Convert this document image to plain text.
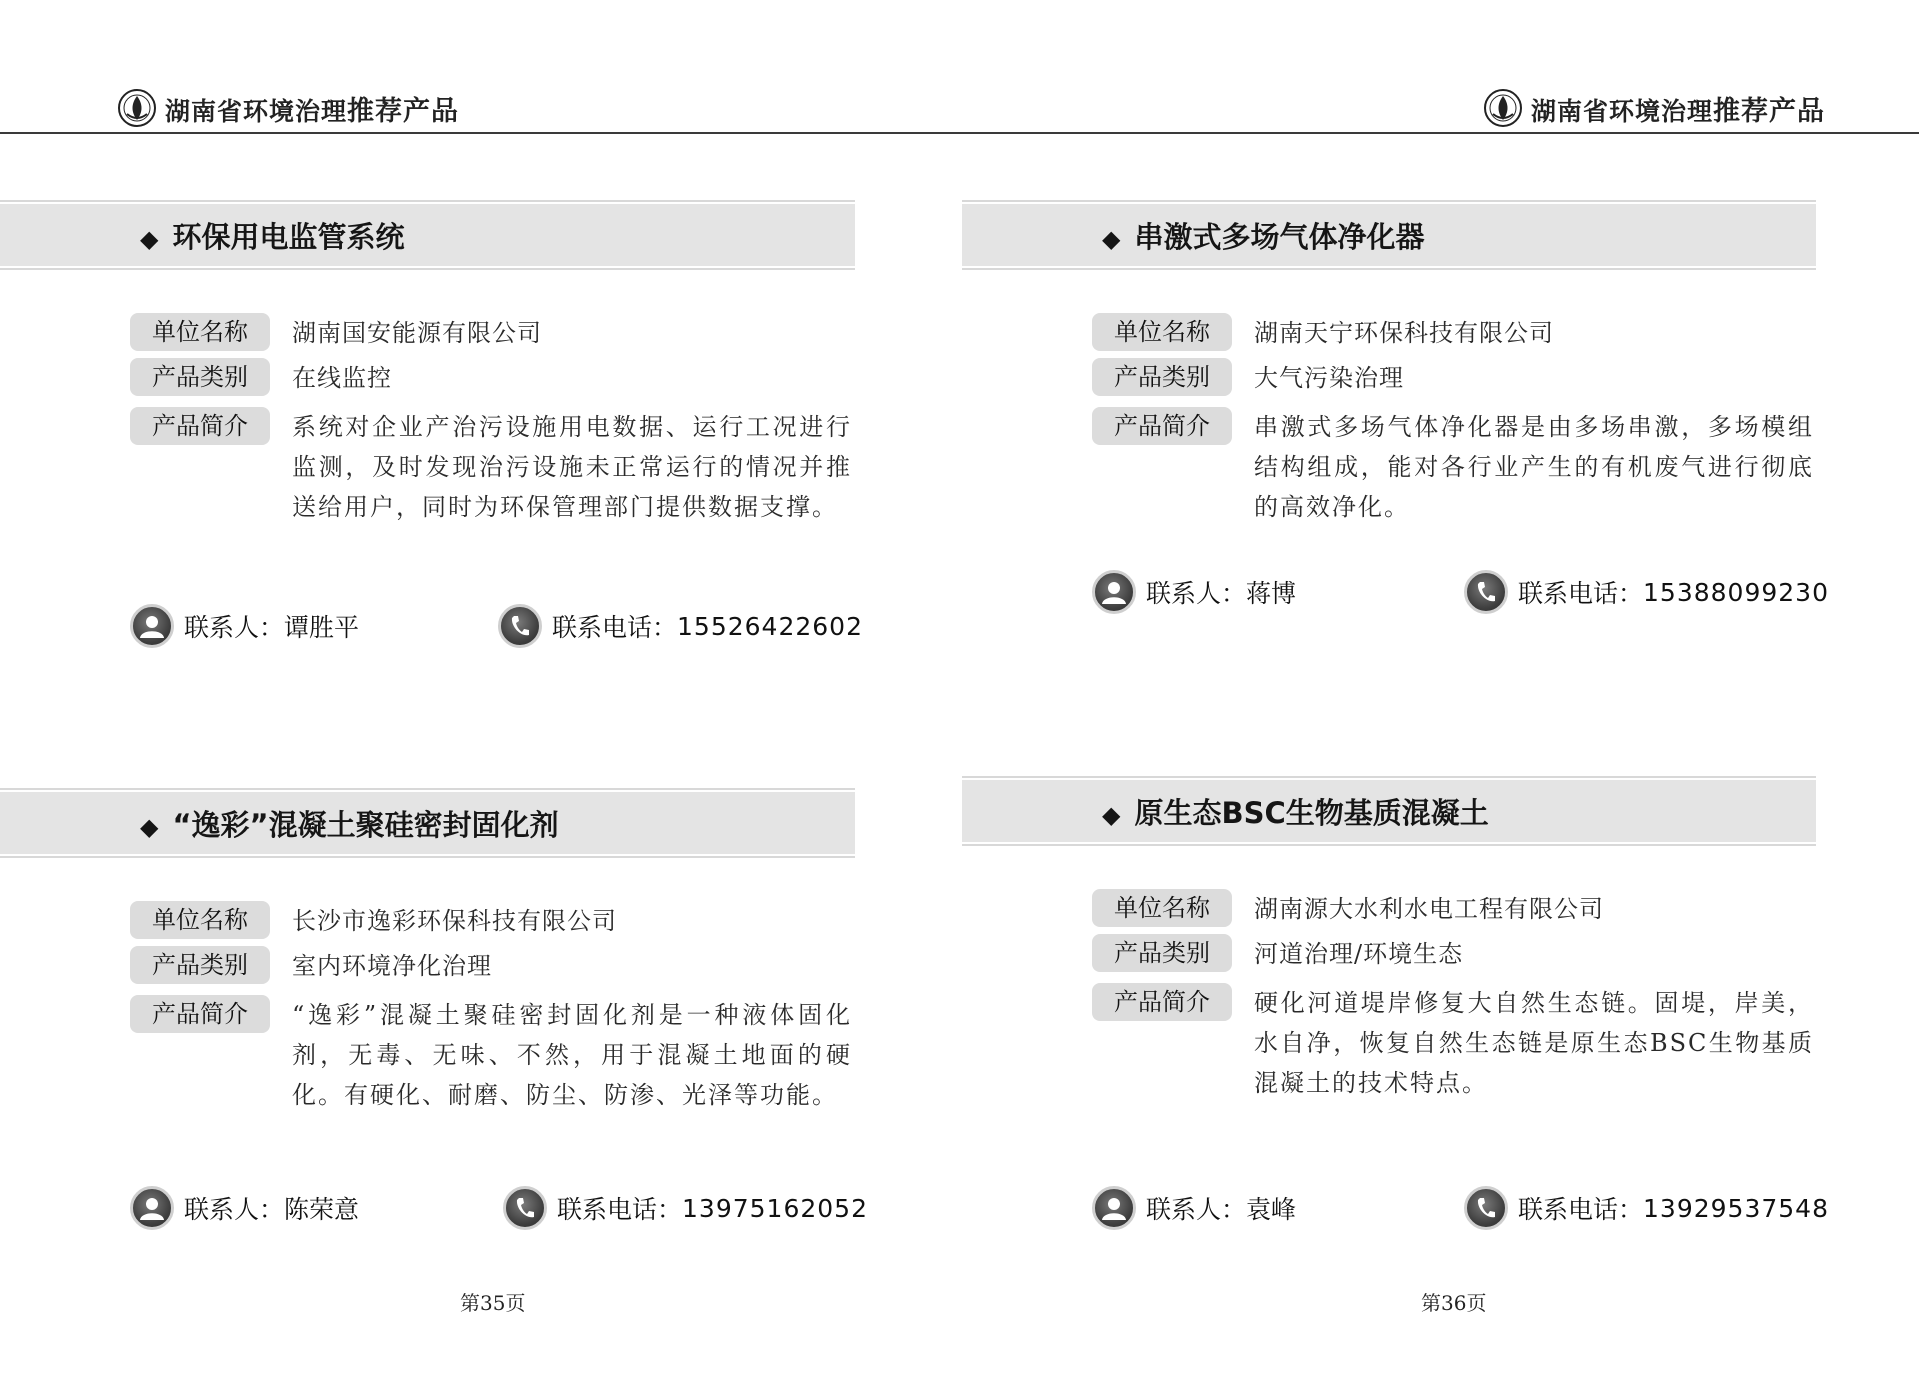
湖南省环境治理推荐产品	湖南省环境治理推荐产品
◆ 环保用电监管系统
单位名称	湖南国安能源有限公司
产品类别	在线监控
产品简介	系统对企业产治污设施用电数据、运行工况进行监测，及时发现治污设施未正常运行的情况并推送给用户，同时为环保管理部门提供数据支撑。
联系人： 谭胜平	联系电话： 15526422602
◆ 串激式多场气体净化器
单位名称	湖南天宁环保科技有限公司
产品类别	大气污染治理
产品简介	串激式多场气体净化器是由多场串激，多场模组结构组成，能对各行业产生的有机废气进行彻底的高效净化。
联系人： 蒋博	联系电话： 15388099230
◆ “逸彩”混凝土聚硅密封固化剂
单位名称	长沙市逸彩环保科技有限公司
产品类别	室内环境净化治理
产品简介	“逸彩”混凝土聚硅密封固化剂是一种液体固化剂，无毒、无味、不然，用于混凝土地面的硬化。有硬化、耐磨、防尘、防渗、光泽等功能。
联系人： 陈荣意	联系电话： 13975162052
◆ 原生态BSC生物基质混凝土
单位名称	湖南源大水利水电工程有限公司
产品类别	河道治理/环境生态
产品简介	硬化河道堤岸修复大自然生态链。固堤，岸美，水自净，恢复自然生态链是原生态BSC生物基质混凝土的技术特点。
联系人： 袁峰	联系电话： 13929537548
第35页	第36页
